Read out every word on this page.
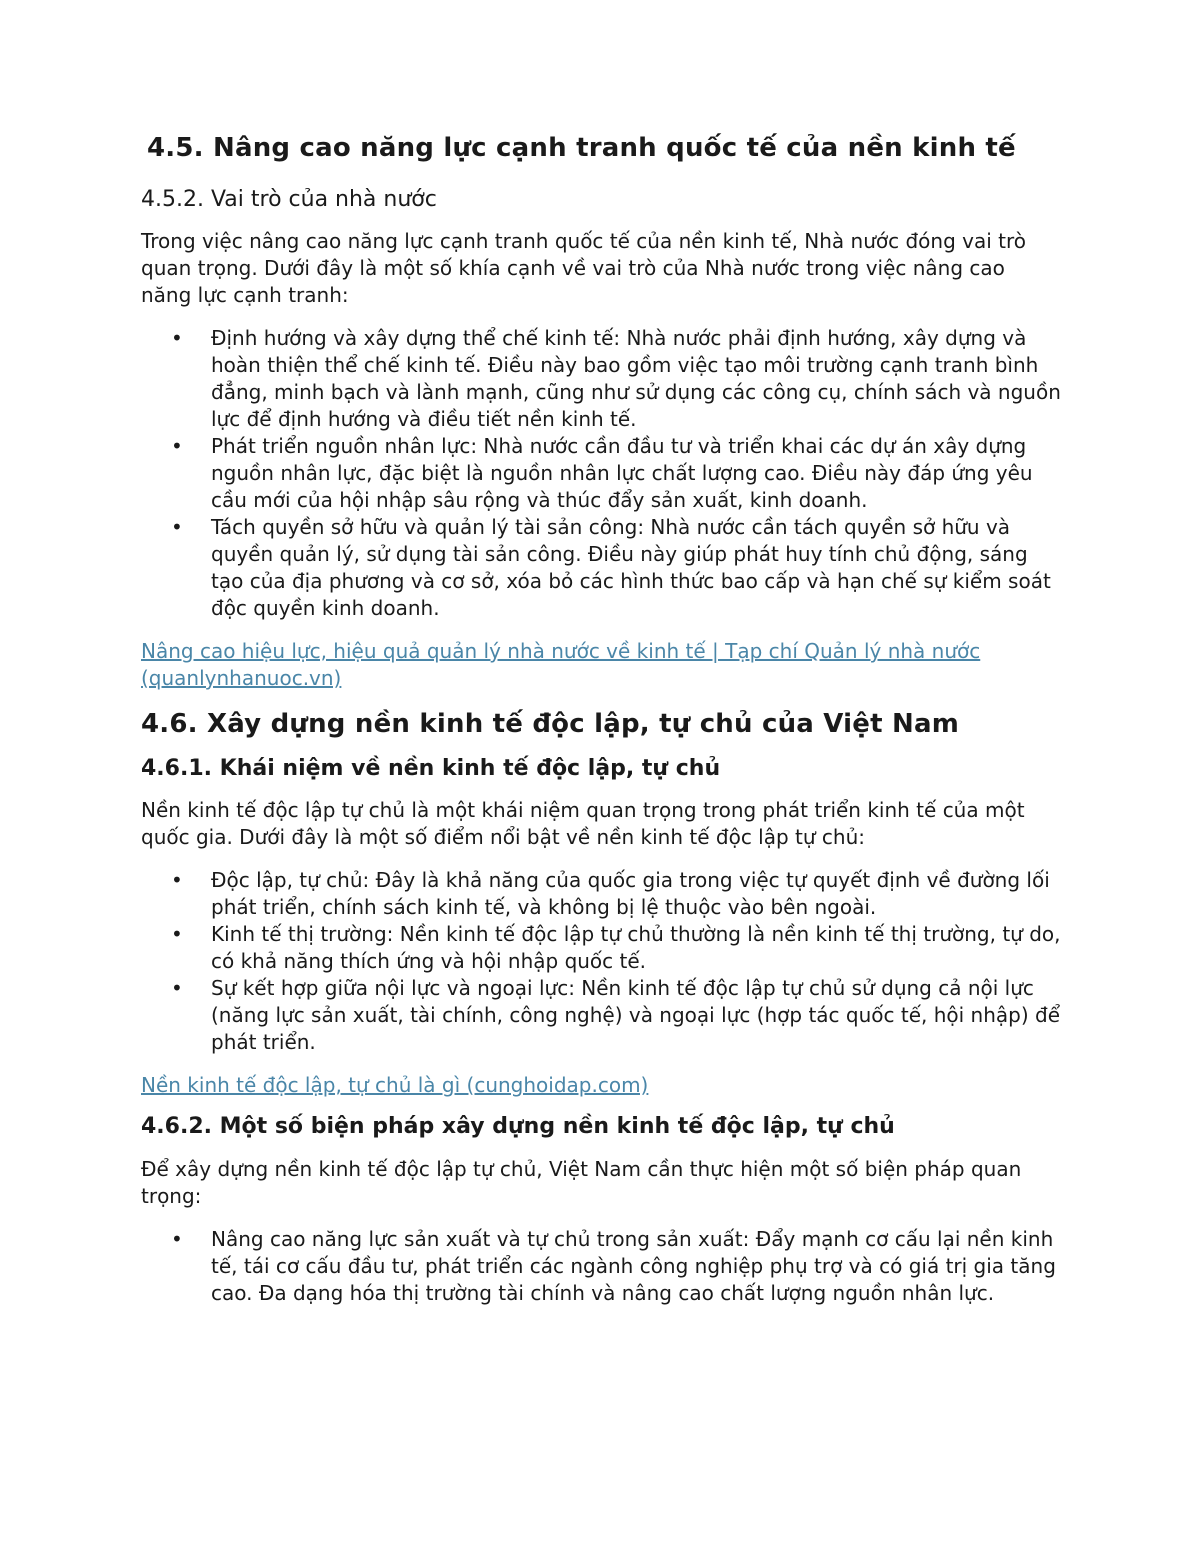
4.5. Nâng cao năng lực cạnh tranh quốc tế của nền kinh tế
4.5.2. Vai trò của nhà nước

Trong việc nâng cao năng lực cạnh tranh quốc tế của nền kinh tế, Nhà nước đóng vai trò quan trọng. Dưới đây là một số khía cạnh về vai trò của Nhà nước trong việc nâng cao năng lực cạnh tranh:

• Định hướng và xây dựng thể chế kinh tế: Nhà nước phải định hướng, xây dựng và hoàn thiện thể chế kinh tế. Điều này bao gồm việc tạo môi trường cạnh tranh bình đẳng, minh bạch và lành mạnh, cũng như sử dụng các công cụ, chính sách và nguồn lực để định hướng và điều tiết nền kinh tế.
• Phát triển nguồn nhân lực: Nhà nước cần đầu tư và triển khai các dự án xây dựng nguồn nhân lực, đặc biệt là nguồn nhân lực chất lượng cao. Điều này đáp ứng yêu cầu mới của hội nhập sâu rộng và thúc đẩy sản xuất, kinh doanh.
• Tách quyền sở hữu và quản lý tài sản công: Nhà nước cần tách quyền sở hữu và quyền quản lý, sử dụng tài sản công. Điều này giúp phát huy tính chủ động, sáng tạo của địa phương và cơ sở, xóa bỏ các hình thức bao cấp và hạn chế sự kiểm soát độc quyền kinh doanh.
Nâng cao hiệu lực, hiệu quả quản lý nhà nước về kinh tế | Tạp chí Quản lý nhà nước (quanlynhanuoc.vn)
4.6. Xây dựng nền kinh tế độc lập, tự chủ của Việt Nam
4.6.1. Khái niệm về nền kinh tế độc lập, tự chủ

Nền kinh tế độc lập tự chủ là một khái niệm quan trọng trong phát triển kinh tế của một quốc gia. Dưới đây là một số điểm nổi bật về nền kinh tế độc lập tự chủ:

• Độc lập, tự chủ: Đây là khả năng của quốc gia trong việc tự quyết định về đường lối phát triển, chính sách kinh tế, và không bị lệ thuộc vào bên ngoài.
• Kinh tế thị trường: Nền kinh tế độc lập tự chủ thường là nền kinh tế thị trường, tự do, có khả năng thích ứng và hội nhập quốc tế.
• Sự kết hợp giữa nội lực và ngoại lực: Nền kinh tế độc lập tự chủ sử dụng cả nội lực (năng lực sản xuất, tài chính, công nghệ) và ngoại lực (hợp tác quốc tế, hội nhập) để phát triển.
Nền kinh tế độc lập, tự chủ là gì (cunghoidap.com)
4.6.2. Một số biện pháp xây dựng nền kinh tế độc lập, tự chủ

Để xây dựng nền kinh tế độc lập tự chủ, Việt Nam cần thực hiện một số biện pháp quan trọng:

• Nâng cao năng lực sản xuất và tự chủ trong sản xuất: Đẩy mạnh cơ cấu lại nền kinh tế, tái cơ cấu đầu tư, phát triển các ngành công nghiệp phụ trợ và có giá trị gia tăng cao. Đa dạng hóa thị trường tài chính và nâng cao chất lượng nguồn nhân lực.
